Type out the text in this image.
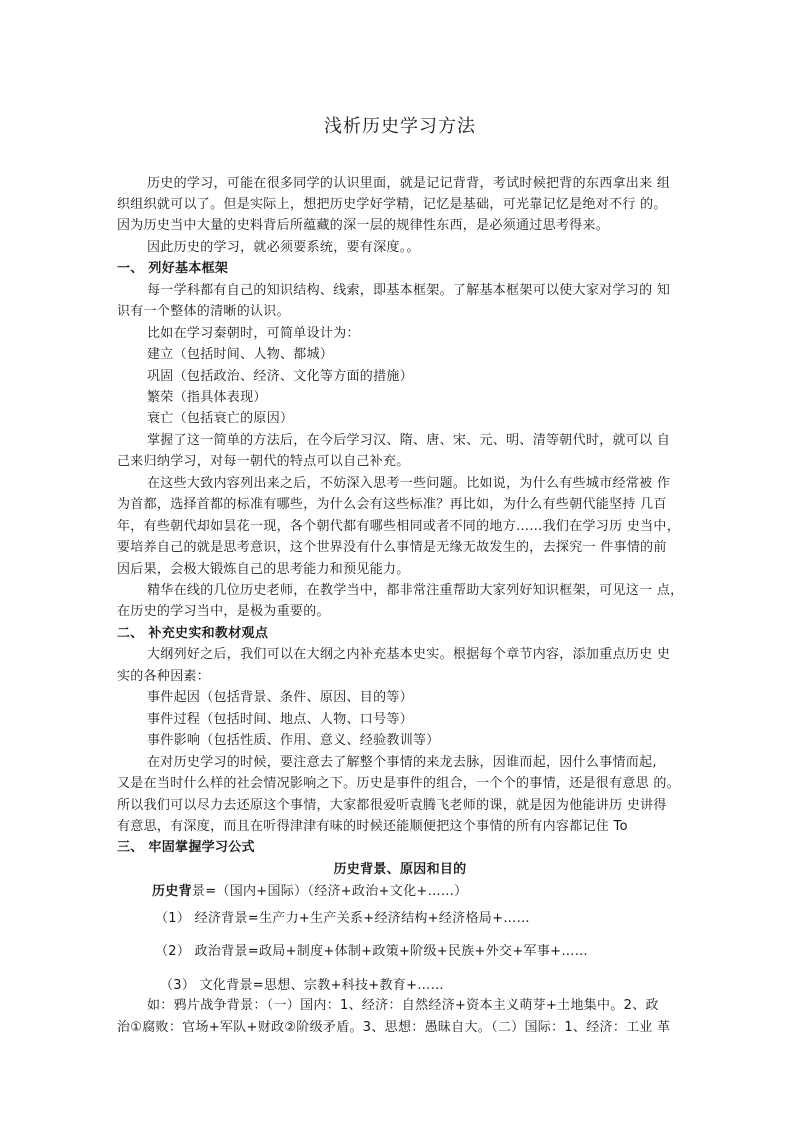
浅析历史学习方法
历史的学习，可能在很多同学的认识里面，就是记记背背，考试时候把背的东西拿出来 组
织组织就可以了。但是实际上，想把历史学好学精，记忆是基础，可光靠记忆是绝对不行 的。
因为历史当中大量的史料背后所蕴藏的深一层的规律性东西，是必须通过思考得来。
因此历史的学习，就必须要系统，要有深度。。
一、 列好基本框架
每一学科都有自己的知识结构、线索，即基本框架。了解基本框架可以使大家对学习的 知
识有一个整体的清晰的认识。
比如在学习秦朝时，可简单设计为：
建立（包括时间、人物、都城）
巩固（包括政治、经济、文化等方面的措施）
繁荣（指具体表现）
衰亡（包括衰亡的原因）
掌握了这一简单的方法后，在今后学习汉、隋、唐、宋、元、明、清等朝代时，就可以 自
己来归纳学习，对每一朝代的特点可以自己补充。
在这些大致内容列出来之后，不妨深入思考一些问题。比如说，为什么有些城市经常被 作
为首都，选择首都的标准有哪些，为什么会有这些标准？再比如，为什么有些朝代能坚持 几百
年，有些朝代却如昙花一现，各个朝代都有哪些相同或者不同的地方……我们在学习历 史当中，
要培养自己的就是思考意识，这个世界没有什么事情是无缘无故发生的，去探究一 件事情的前
因后果，会极大锻炼自己的思考能力和预见能力。
精华在线的几位历史老师，在教学当中，都非常注重帮助大家列好知识框架，可见这一 点，
在历史的学习当中，是极为重要的。
二、 补充史实和教材观点
大纲列好之后，我们可以在大纲之内补充基本史实。根据每个章节内容，添加重点历史 史
实的各种因素：
事件起因（包括背景、条件、原因、目的等）
事件过程（包括时间、地点、人物、口号等）
事件影响（包括性质、作用、意义、经验教训等）
在对历史学习的时候，要注意去了解整个事情的来龙去脉，因谁而起，因什么事情而起,
又是在当时什么样的社会情况影响之下。历史是事件的组合，一个个的事情，还是很有意思 的。
所以我们可以尽力去还原这个事情，大家都很爱听袁腾飞老师的课，就是因为他能讲历 史讲得
有意思，有深度，而且在听得津津有味的时候还能顺便把这个事情的所有内容都记住 To
三、 牢固掌握学习公式
历史背景、原因和目的
历史背景=（国内+国际）（经济+政治+文化+……）
（1） 经济背景=生产力+生产关系+经济结构+经济格局+……
（2） 政治背景=政局+制度+体制+政策+阶级+民族+外交+军事+……
（3） 文化背景=思想、宗教+科技+教育+……
如：鸦片战争背景：（一）国内：1、经济：自然经济+资本主义萌芽+土地集中。2、政
治①腐败：官场+军队+财政②阶级矛盾。3、思想：愚昧自大。（二）国际：1、经济：工业 革
